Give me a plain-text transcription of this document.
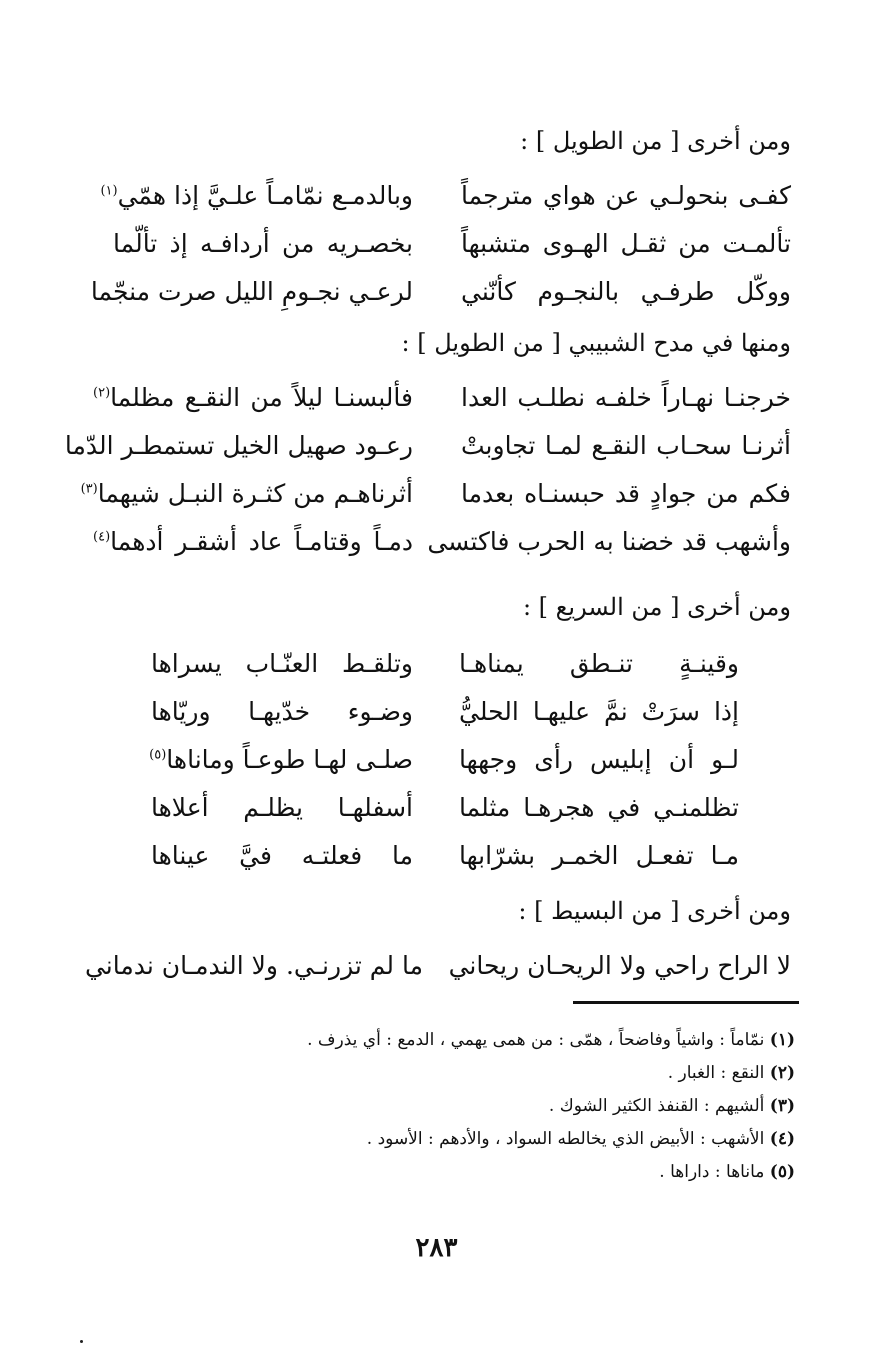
ومن أخرى [ من الطويل ] :
كفـى بنحولـي عن هواي مترجماً
وبالدمـع نمّامـاً علـيَّ إذا همّي$^{(١)}$
تألمـت من ثقـل الهـوى متشبهاً
بخصـريه من أردافـه إذ تألّما
ووكّل طرفـي بالنجـوم كأنّني
لرعـي نجـومِ الليل صرت منجّما
ومنها في مدح الشبيبي [ من الطويل ] :
خرجنـا نهـاراً خلفـه نطلـب العدا
فألبسنـا ليلاً من النقـع مظلما$^{(٢)}$
أثرنـا سحـاب النقـع لمـا تجاوبتْ
رعـود صهيل الخيل تستمطـر الدّما
فكم من جوادٍ قد حبسنـاه بعدما
أثرناهـم من كثـرة النبـل شيهما$^{(٣)}$
وأشهب قد خضنا به الحرب فاكتسى
دمـاً وقتامـاً عاد أشقـر أدهما$^{(٤)}$
ومن أخرى [ من السريع ] :
وقينـةٍ تنـطق يمناهـا
وتلقـط العنّـاب يسراها
إذا سرَتْ نمَّ عليهـا الحليُّ
وضـوء خدّيهـا وريّاها
لـو أن إبليس رأى وجهها
صلـى لهـا طوعـاً وماناها$^{(٥)}$
تظلمنـي في هجرهـا مثلما
أسفلهـا يظلـم أعلاها
مـا تفعـل الخمـر بشرّابها
ما فعلتـه فيَّ عيناها
ومن أخرى [ من البسيط ] :
لا الراح راحي ولا الريحـان ريحاني
ما لم تزرنـي. ولا الندمـان ندماني
(١) نمّاماً : واشياً وفاضحاً ، همّى : من همى يهمي ، الدمع : أي يذرف .
(٢) النقع : الغبار .
(٣) ألشيهم : القنفذ الكثير الشوك .
(٤) الأشهب : الأبيض الذي يخالطه السواد ، والأدهم : الأسود .
(٥) ماناها : داراها .
٢٨٣
